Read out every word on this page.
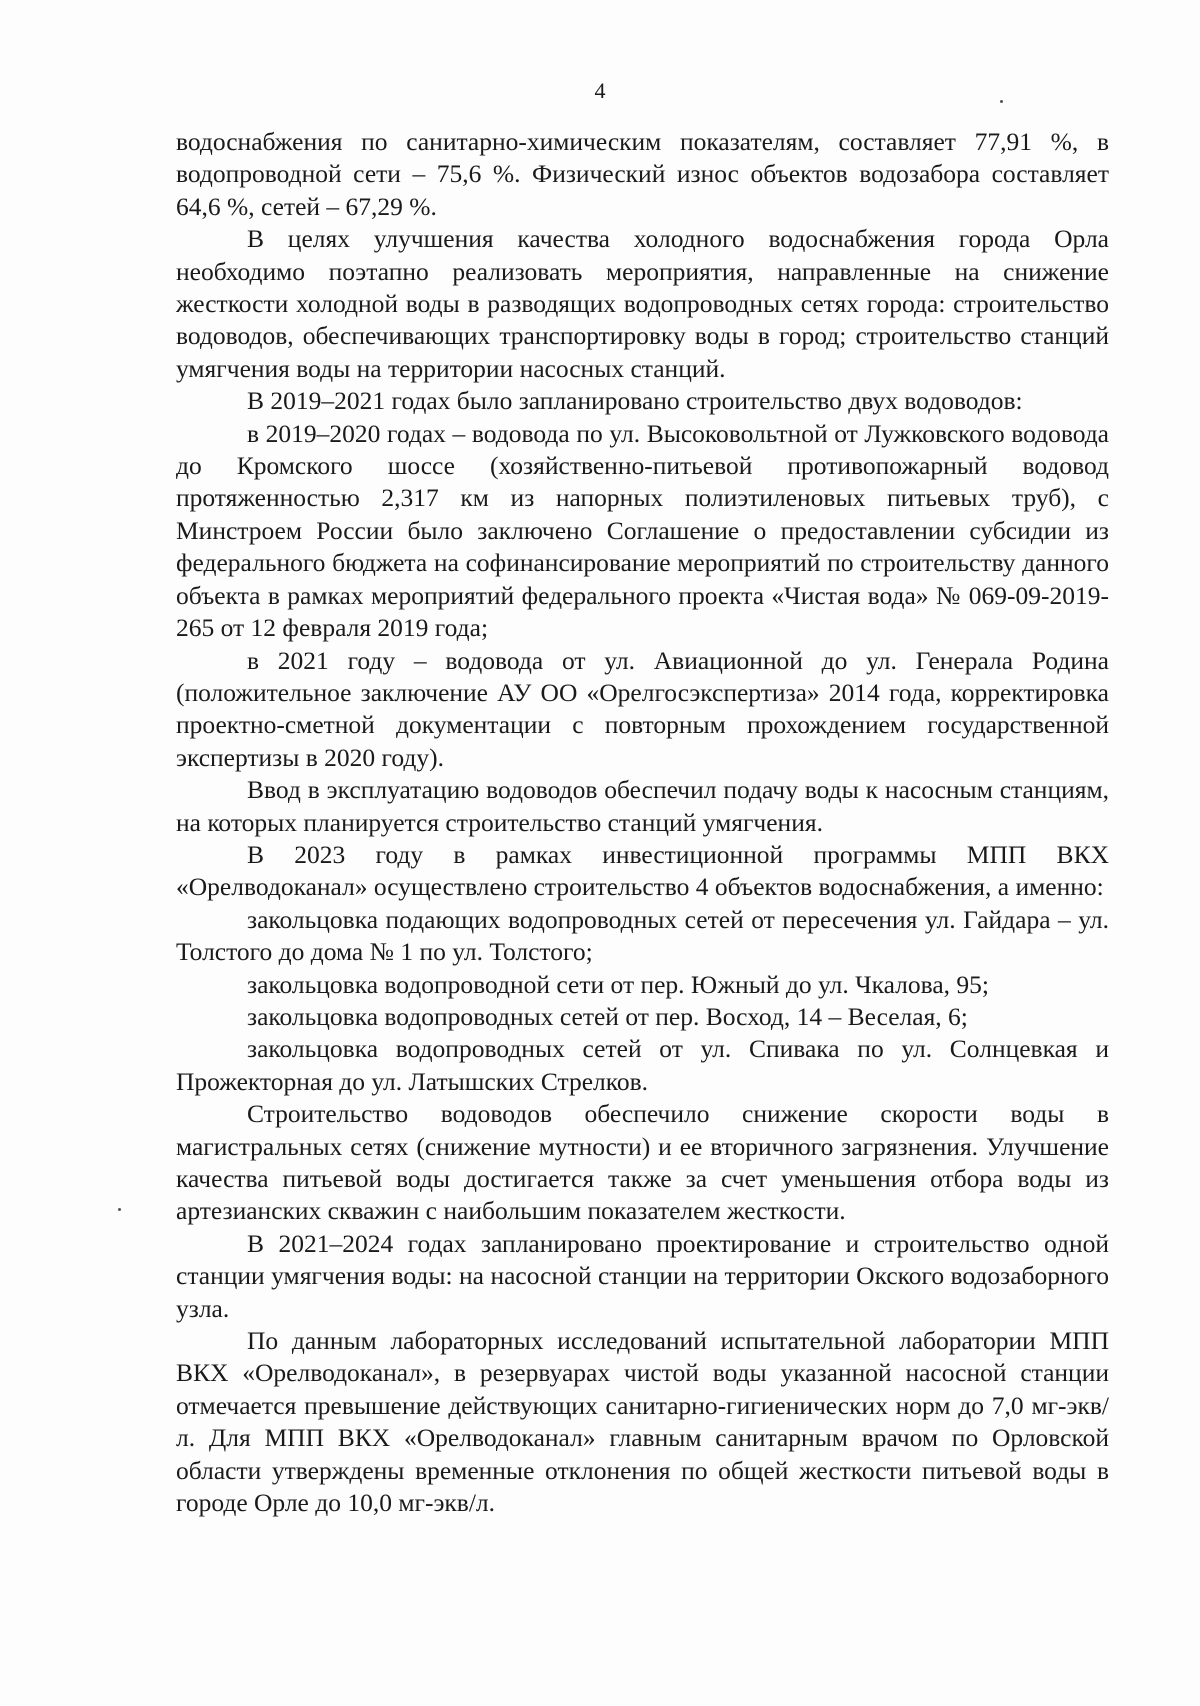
4

водоснабжения по санитарно-химическим показателям, составляет 77,91 %, в водопроводной сети – 75,6 %. Физический износ объектов водозабора составляет 64,6 %, сетей – 67,29 %.

В целях улучшения качества холодного водоснабжения города Орла необходимо поэтапно реализовать мероприятия, направленные на снижение жесткости холодной воды в разводящих водопроводных сетях города: строительство водоводов, обеспечивающих транспортировку воды в город; строительство станций умягчения воды на территории насосных станций.

В 2019–2021 годах было запланировано строительство двух водоводов:

в 2019–2020 годах – водовода по ул. Высоковольтной от Лужковского водовода до Кромского шоссе (хозяйственно-питьевой противопожарный водовод протяженностью 2,317 км из напорных полиэтиленовых питьевых труб), с Минстроем России было заключено Соглашение о предоставлении субсидии из федерального бюджета на софинансирование мероприятий по строительству данного объекта в рамках мероприятий федерального проекта «Чистая вода» № 069-09-2019-265 от 12 февраля 2019 года;

в 2021 году – водовода от ул. Авиационной до ул. Генерала Родина (положительное заключение АУ ОО «Орелгосэкспертиза» 2014 года, корректировка проектно-сметной документации с повторным прохождением государственной экспертизы в 2020 году).

Ввод в эксплуатацию водоводов обеспечил подачу воды к насосным станциям, на которых планируется строительство станций умягчения.

В 2023 году в рамках инвестиционной программы МПП ВКХ «Орелводоканал» осуществлено строительство 4 объектов водоснабжения, а именно:

закольцовка подающих водопроводных сетей от пересечения ул. Гайдара – ул. Толстого до дома № 1 по ул. Толстого;

закольцовка водопроводной сети от пер. Южный до ул. Чкалова, 95;

закольцовка водопроводных сетей от пер. Восход, 14 – Веселая, 6;

закольцовка водопроводных сетей от ул. Спивака по ул. Солнцевкая и Прожекторная до ул. Латышских Стрелков.

Строительство водоводов обеспечило снижение скорости воды в магистральных сетях (снижение мутности) и ее вторичного загрязнения. Улучшение качества питьевой воды достигается также за счет уменьшения отбора воды из артезианских скважин с наибольшим показателем жесткости.

В 2021–2024 годах запланировано проектирование и строительство одной станции умягчения воды: на насосной станции на территории Окского водозаборного узла.

По данным лабораторных исследований испытательной лаборатории МПП ВКХ «Орелводоканал», в резервуарах чистой воды указанной насосной станции отмечается превышение действующих санитарно-гигиенических норм до 7,0 мг-экв/л. Для МПП ВКХ «Орелводоканал» главным санитарным врачом по Орловской области утверждены временные отклонения по общей жесткости питьевой воды в городе Орле до 10,0 мг-экв/л.
